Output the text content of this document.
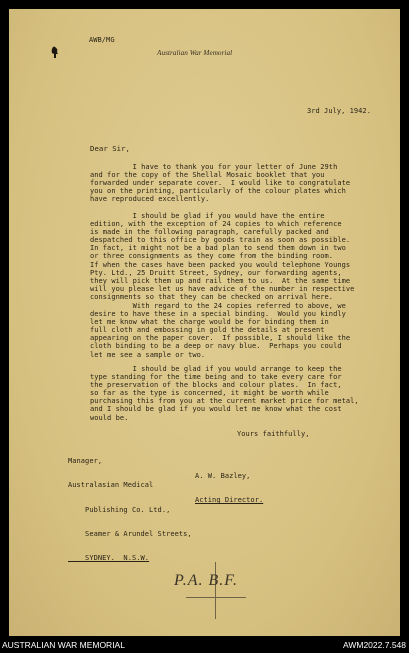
AWB/MG
Australian War Memorial
3rd July, 1942.
Dear Sir,
I have to thank you for your letter of June 29th
and for the copy of the Shellal Mosaic booklet that you
forwarded under separate cover.  I would like to congratulate
you on the printing, particularly of the colour plates which
have reproduced excellently.
I should be glad if you would have the entire
edition, with the exception of 24 copies to which reference
is made in the following paragraph, carefully packed and
despatched to this office by goods train as soon as possible.
In fact, it might not be a bad plan to send them down in two
or three consignments as they come from the binding room.
If when the cases have been packed you would telephone Youngs
Pty. Ltd., 25 Druitt Street, Sydney, our forwarding agents,
they will pick them up and rail them to us.  At the same time
will you please let us have advice of the number in respective
consignments so that they can be checked on arrival here.
With regard to the 24 copies referred to above, we
desire to have these in a special binding.  Would you kindly
let me know what the charge would be for binding them in
full cloth and embossing in gold the details at present
appearing on the paper cover.  If possible, I should like the
cloth binding to be a deep or navy blue.  Perhaps you could
let me see a sample or two.
I should be glad if you would arrange to keep the
type standing for the time being and to take every care for
the preservation of the blocks and colour plates.  In fact,
so far as the type is concerned, it might be worth while
purchasing this from you at the current market price for metal,
and I should be glad if you would let me know what the cost
would be.
Yours faithfully,

Manager,

Australasian Medical

Publishing Co. Ltd.,

Seamer & Arundel Streets,

SYDNEY.  N.S.W.

A. W. Bazley,

Acting Director.

P.A. B.F.
AUSTRALIAN WAR MEMORIAL	AWM2022.7.548
